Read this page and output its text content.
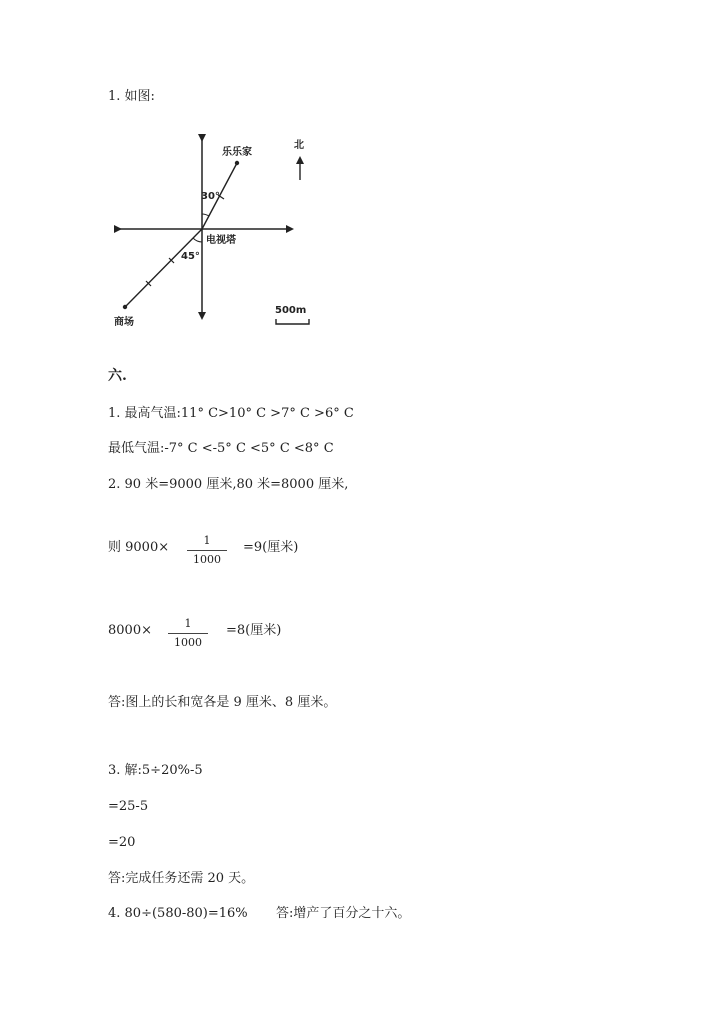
1. 如图:
乐乐家
北
30°
电视塔
45°
商场
500m
六.
1. 最高气温:11° C>10° C >7° C >6° C
最低气温:-7° C <-5° C <5° C <8° C
2. 90 米=9000 厘米,80 米=8000 厘米,
则 9000×	1
1000
=9(厘米)
8000×	1
1000
=8(厘米)
答:图上的长和宽各是 9 厘米、8 厘米。
3. 解:5÷20%-5
=25-5
=20
答:完成任务还需 20 天。
4. 80÷(580-80)=16% 答:增产了百分之十六。
